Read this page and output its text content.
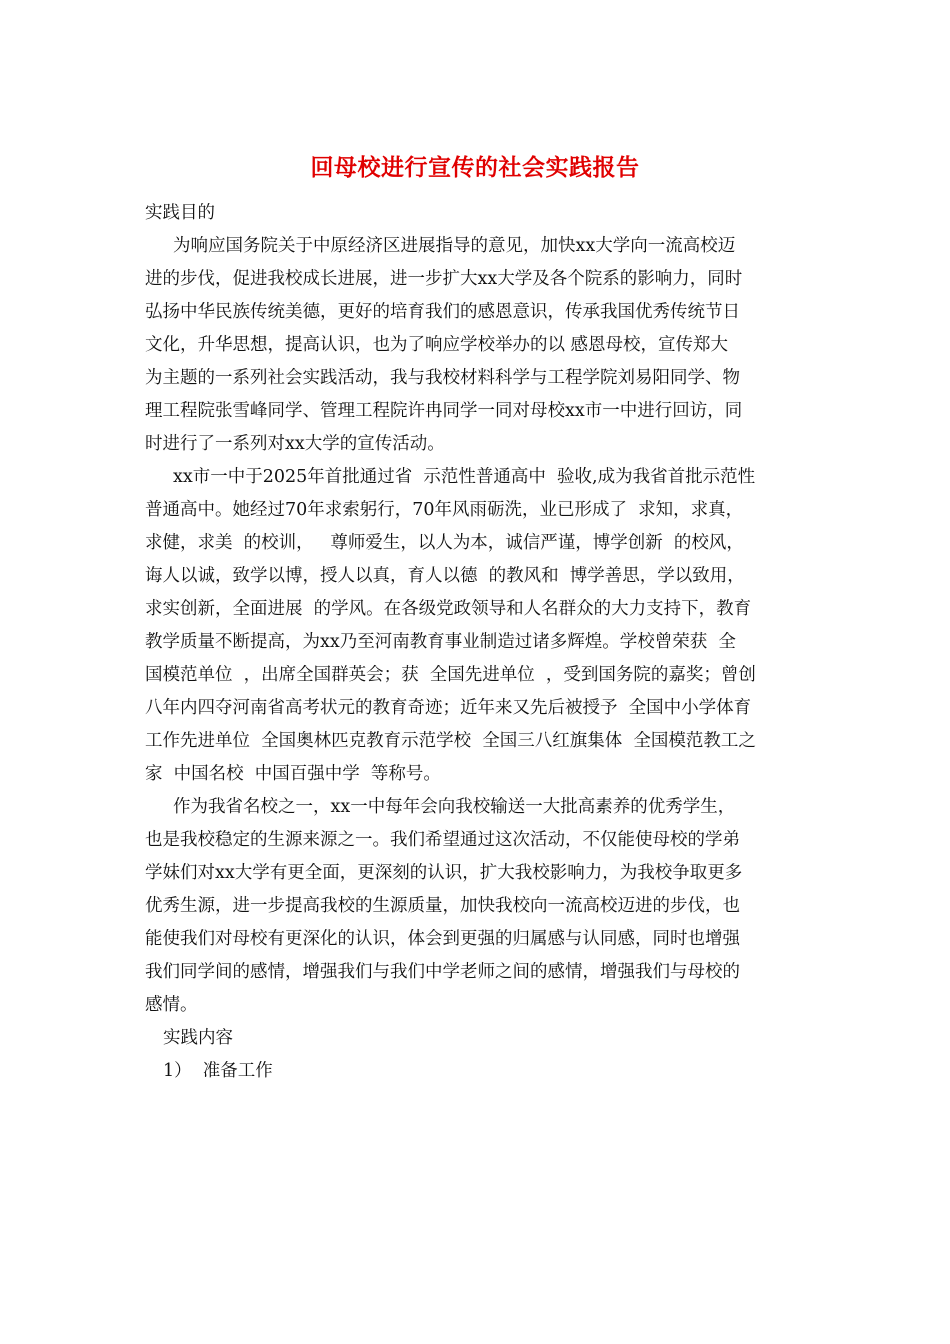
回母校进行宣传的社会实践报告
实践目的
为响应国务院关于中原经济区进展指导的意见，加快xx大学向一流高校迈
进的步伐，促进我校成长进展，进一步扩大xx大学及各个院系的影响力，同时
弘扬中华民族传统美德，更好的培育我们的感恩意识，传承我国优秀传统节日
文化，升华思想，提高认识，也为了响应学校举办的以 感恩母校，宣传郑大
为主题的一系列社会实践活动，我与我校材料科学与工程学院刘易阳同学、物
理工程院张雪峰同学、管理工程院许冉同学一同对母校xx市一中进行回访，同
时进行了一系列对xx大学的宣传活动。
xx市一中于2025年首批通过省  示范性普通高中  验收,成为我省首批示范性
普通高中。她经过70年求索躬行，70年风雨砺洗，业已形成了  求知，求真，
求健，求美  的校训，   尊师爱生，以人为本，诚信严谨，博学创新  的校风，
诲人以诚，致学以博，授人以真，育人以德  的教风和  博学善思，学以致用，
求实创新，全面进展  的学风。在各级党政领导和人名群众的大力支持下，教育
教学质量不断提高，为xx乃至河南教育事业制造过诸多辉煌。学校曾荣获  全
国模范单位  ，出席全国群英会；获  全国先进单位  ，受到国务院的嘉奖；曾创
八年内四夺河南省高考状元的教育奇迹；近年来又先后被授予  全国中小学体育
工作先进单位  全国奥林匹克教育示范学校  全国三八红旗集体  全国模范教工之
家  中国名校  中国百强中学  等称号。
作为我省名校之一，xx一中每年会向我校输送一大批高素养的优秀学生，
也是我校稳定的生源来源之一。我们希望通过这次活动，不仅能使母校的学弟
学妹们对xx大学有更全面，更深刻的认识，扩大我校影响力，为我校争取更多
优秀生源，进一步提高我校的生源质量，加快我校向一流高校迈进的步伐，也
能使我们对母校有更深化的认识，体会到更强的归属感与认同感，同时也增强
我们同学间的感情，增强我们与我们中学老师之间的感情，增强我们与母校的
感情。
实践内容
1）  准备工作
